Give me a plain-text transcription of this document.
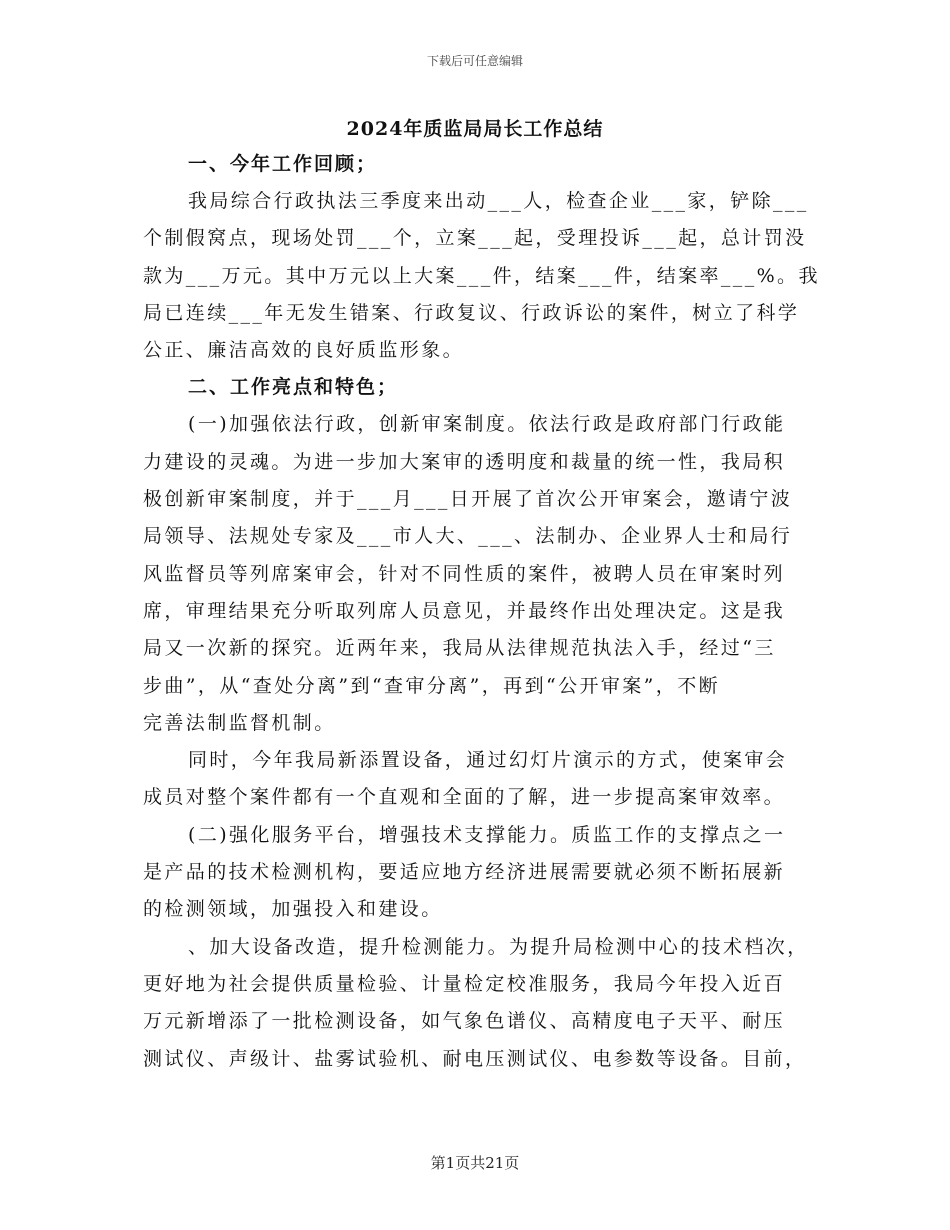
下载后可任意编辑
2024年质监局局长工作总结
一、今年工作回顾；
我局综合行政执法三季度来出动___人，检查企业___家，铲除___
个制假窝点，现场处罚___个，立案___起，受理投诉___起，总计罚没
款为___万元。其中万元以上大案___件，结案___件，结案率___%。我
局已连续___年无发生错案、行政复议、行政诉讼的案件，树立了科学
公正、廉洁高效的良好质监形象。
二、工作亮点和特色；
(一)加强依法行政，创新审案制度。依法行政是政府部门行政能
力建设的灵魂。为进一步加大案审的透明度和裁量的统一性，我局积
极创新审案制度，并于___月___日开展了首次公开审案会，邀请宁波
局领导、法规处专家及___市人大、___、法制办、企业界人士和局行
风监督员等列席案审会，针对不同性质的案件，被聘人员在审案时列
席，审理结果充分听取列席人员意见，并最终作出处理决定。这是我
局又一次新的探究。近两年来，我局从法律规范执法入手，经过“三
步曲”，从“查处分离”到“查审分离”，再到“公开审案”，不断
完善法制监督机制。
同时，今年我局新添置设备，通过幻灯片演示的方式，使案审会
成员对整个案件都有一个直观和全面的了解，进一步提高案审效率。
(二)强化服务平台，增强技术支撑能力。质监工作的支撑点之一
是产品的技术检测机构，要适应地方经济进展需要就必须不断拓展新
的检测领域，加强投入和建设。
、加大设备改造，提升检测能力。为提升局检测中心的技术档次，
更好地为社会提供质量检验、计量检定校准服务，我局今年投入近百
万元新增添了一批检测设备，如气象色谱仪、高精度电子天平、耐压
测试仪、声级计、盐雾试验机、耐电压测试仪、电参数等设备。目前，
第1页共21页
